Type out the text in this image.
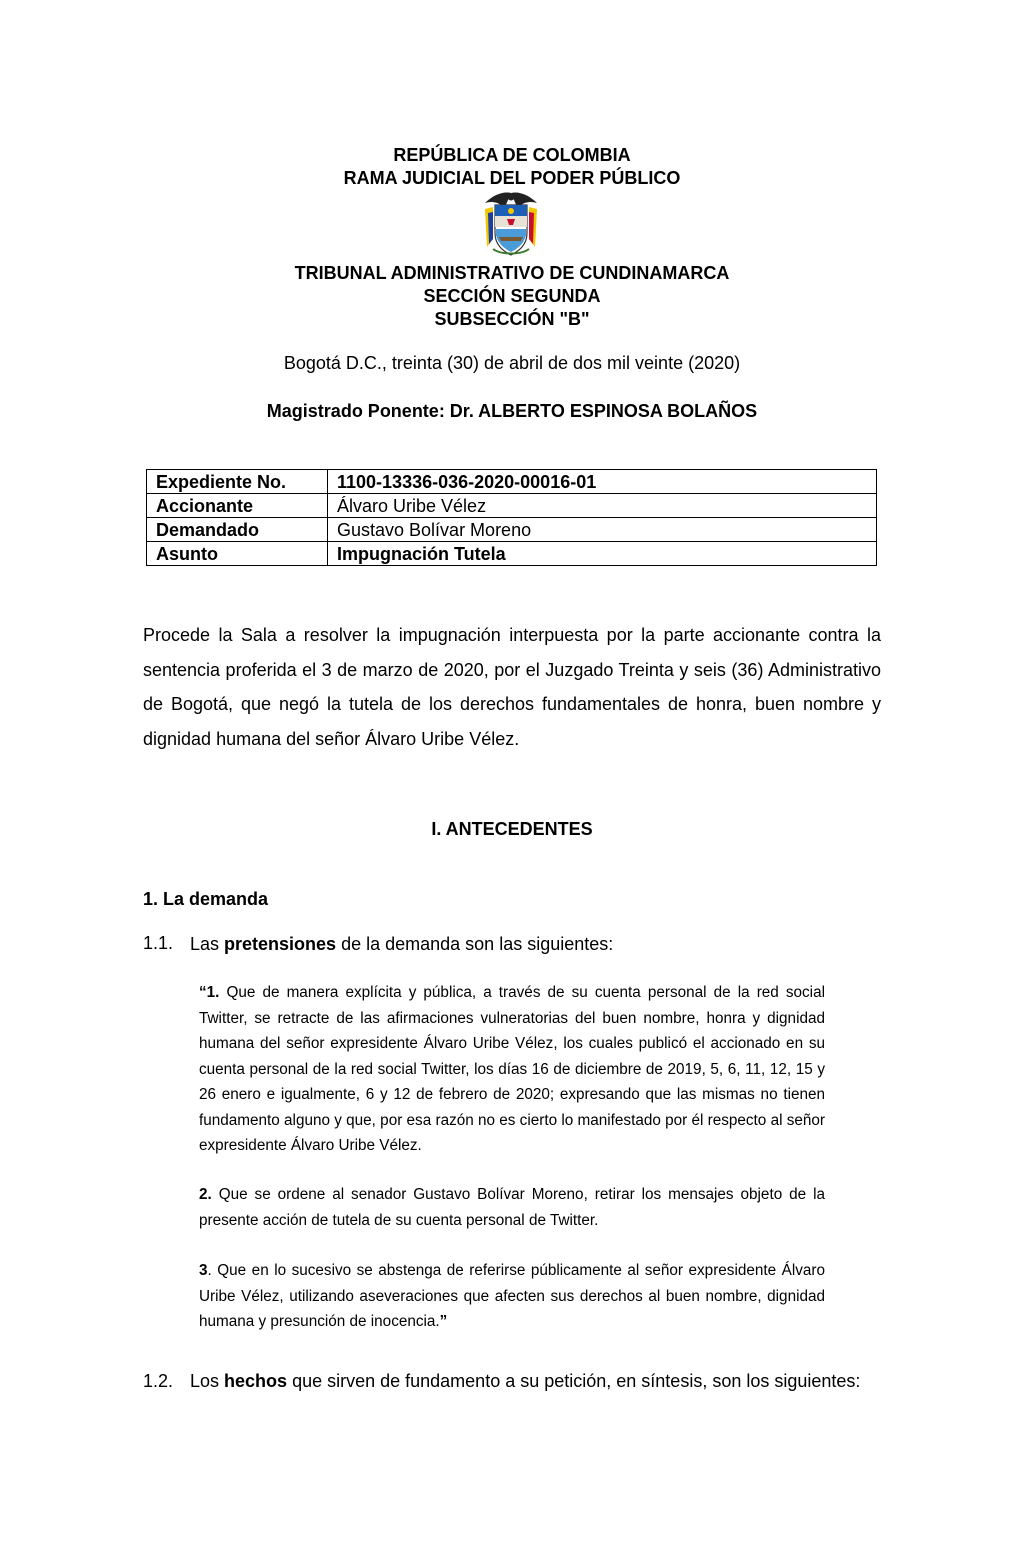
REPÚBLICA DE COLOMBIA
RAMA JUDICIAL DEL PODER PÚBLICO
TRIBUNAL ADMINISTRATIVO DE CUNDINAMARCA
SECCIÓN SEGUNDA
SUBSECCIÓN "B"
Bogotá D.C., treinta (30) de abril de dos mil veinte (2020)
Magistrado Ponente: Dr. ALBERTO ESPINOSA BOLAÑOS
Expediente No.	1100-13336-036-2020-00016-01
Accionante	Álvaro Uribe Vélez
Demandado	Gustavo Bolívar Moreno
Asunto	Impugnación Tutela
Procede la Sala a resolver la impugnación interpuesta por la parte accionante contra la sentencia proferida el 3 de marzo de 2020, por el Juzgado Treinta y seis (36) Administrativo de Bogotá, que negó la tutela de los derechos fundamentales de honra, buen nombre y dignidad humana del señor Álvaro Uribe Vélez.
I. ANTECEDENTES
1. La demanda
1.1. Las pretensiones de la demanda son las siguientes:
“1. Que de manera explícita y pública, a través de su cuenta personal de la red social Twitter, se retracte de las afirmaciones vulneratorias del buen nombre, honra y dignidad humana del señor expresidente Álvaro Uribe Vélez, los cuales publicó el accionado en su cuenta personal de la red social Twitter, los días 16 de diciembre de 2019, 5, 6, 11, 12, 15 y 26 enero e igualmente, 6 y 12 de febrero de 2020; expresando que las mismas no tienen fundamento alguno y que, por esa razón no es cierto lo manifestado por él respecto al señor expresidente Álvaro Uribe Vélez.
2. Que se ordene al senador Gustavo Bolívar Moreno, retirar los mensajes objeto de la presente acción de tutela de su cuenta personal de Twitter.
3. Que en lo sucesivo se abstenga de referirse públicamente al señor expresidente Álvaro Uribe Vélez, utilizando aseveraciones que afecten sus derechos al buen nombre, dignidad humana y presunción de inocencia.”
1.2. Los hechos que sirven de fundamento a su petición, en síntesis, son los siguientes:
